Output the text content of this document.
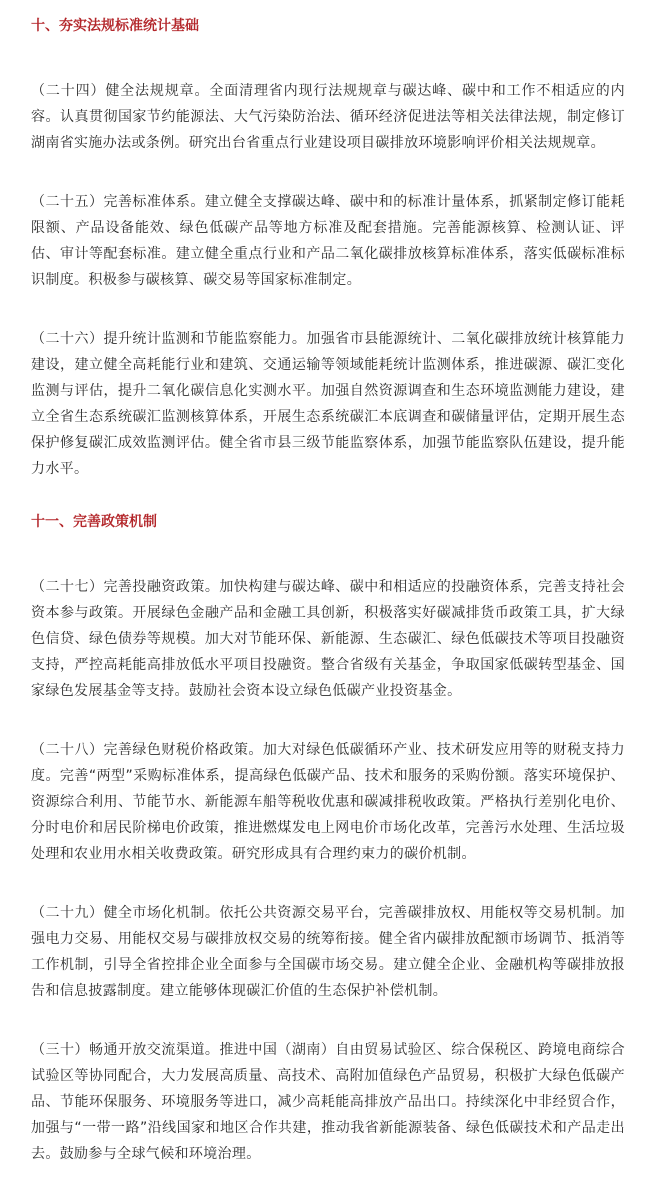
十、夯实法规标准统计基础

（二十四）健全法规规章。全面清理省内现行法规规章与碳达峰、碳中和工作不相适应的内容。认真贯彻国家节约能源法、大气污染防治法、循环经济促进法等相关法律法规，制定修订湖南省实施办法或条例。研究出台省重点行业建设项目碳排放环境影响评价相关法规规章。

（二十五）完善标准体系。建立健全支撑碳达峰、碳中和的标准计量体系，抓紧制定修订能耗限额、产品设备能效、绿色低碳产品等地方标准及配套措施。完善能源核算、检测认证、评估、审计等配套标准。建立健全重点行业和产品二氧化碳排放核算标准体系，落实低碳标准标识制度。积极参与碳核算、碳交易等国家标准制定。

（二十六）提升统计监测和节能监察能力。加强省市县能源统计、二氧化碳排放统计核算能力建设，建立健全高耗能行业和建筑、交通运输等领域能耗统计监测体系，推进碳源、碳汇变化监测与评估，提升二氧化碳信息化实测水平。加强自然资源调查和生态环境监测能力建设，建立全省生态系统碳汇监测核算体系，开展生态系统碳汇本底调查和碳储量评估，定期开展生态保护修复碳汇成效监测评估。健全省市县三级节能监察体系，加强节能监察队伍建设，提升能力水平。

十一、完善政策机制

（二十七）完善投融资政策。加快构建与碳达峰、碳中和相适应的投融资体系，完善支持社会资本参与政策。开展绿色金融产品和金融工具创新，积极落实好碳减排货币政策工具，扩大绿色信贷、绿色债券等规模。加大对节能环保、新能源、生态碳汇、绿色低碳技术等项目投融资支持，严控高耗能高排放低水平项目投融资。整合省级有关基金，争取国家低碳转型基金、国家绿色发展基金等支持。鼓励社会资本设立绿色低碳产业投资基金。

（二十八）完善绿色财税价格政策。加大对绿色低碳循环产业、技术研发应用等的财税支持力度。完善“两型”采购标准体系，提高绿色低碳产品、技术和服务的采购份额。落实环境保护、资源综合利用、节能节水、新能源车船等税收优惠和碳减排税收政策。严格执行差别化电价、分时电价和居民阶梯电价政策，推进燃煤发电上网电价市场化改革，完善污水处理、生活垃圾处理和农业用水相关收费政策。研究形成具有合理约束力的碳价机制。

（二十九）健全市场化机制。依托公共资源交易平台，完善碳排放权、用能权等交易机制。加强电力交易、用能权交易与碳排放权交易的统筹衔接。健全省内碳排放配额市场调节、抵消等工作机制，引导全省控排企业全面参与全国碳市场交易。建立健全企业、金融机构等碳排放报告和信息披露制度。建立能够体现碳汇价值的生态保护补偿机制。

（三十）畅通开放交流渠道。推进中国（湖南）自由贸易试验区、综合保税区、跨境电商综合试验区等协同配合，大力发展高质量、高技术、高附加值绿色产品贸易，积极扩大绿色低碳产品、节能环保服务、环境服务等进口，减少高耗能高排放产品出口。持续深化中非经贸合作，加强与“一带一路”沿线国家和地区合作共建，推动我省新能源装备、绿色低碳技术和产品走出去。鼓励参与全球气候和环境治理。
